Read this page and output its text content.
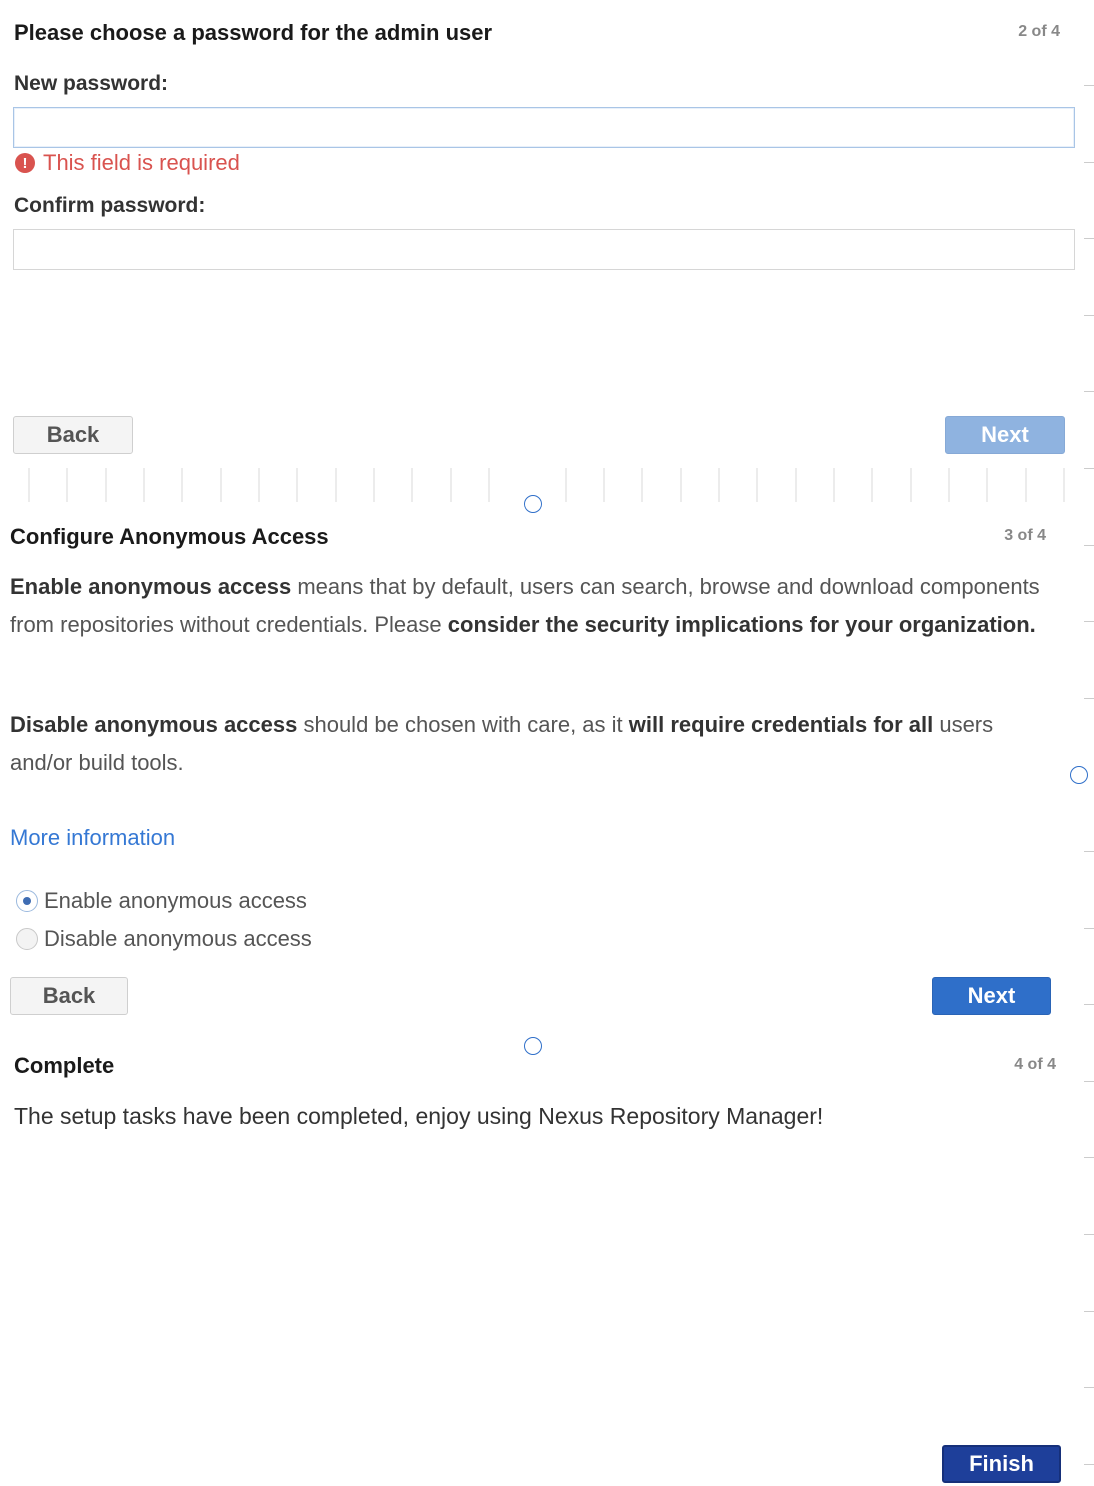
Please choose a password for the admin user	2 of 4
New password:
! This field is required
Confirm password:
Back	Next
Configure Anonymous Access	3 of 4

Enable anonymous access means that by default, users can search, browse and download components from repositories without credentials. Please consider the security implications for your organization.

Disable anonymous access should be chosen with care, as it will require credentials for all users and/or build tools.

More information
Enable anonymous access
Disable anonymous access
Back	Next
Complete	4 of 4
The setup tasks have been completed, enjoy using Nexus Repository Manager!
Finish
